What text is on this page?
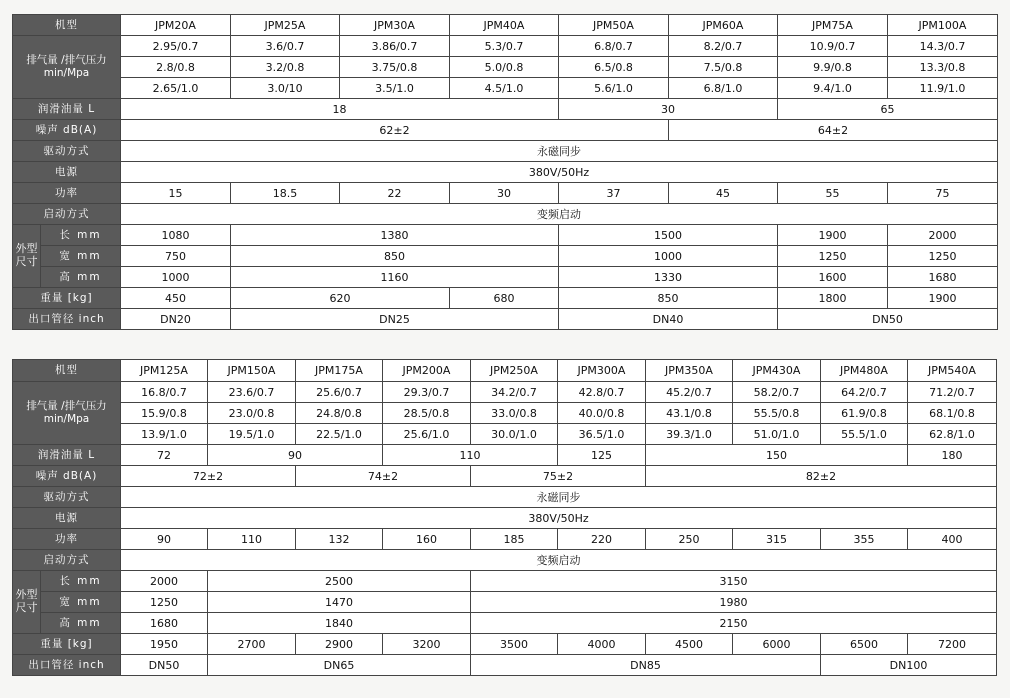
机型		JPM20A	JPM25A	JPM30A	JPM40A	JPM50A	JPM60A	JPM75A	JPM100A
排气量 /排气压力min/Mpa		2.95/0.7	3.6/0.7	3.86/0.7	5.3/0.7	6.8/0.7	8.2/0.7	10.9/0.7	14.3/0.7
		2.8/0.8	3.2/0.8	3.75/0.8	5.0/0.8	6.5/0.8	7.5/0.8	9.9/0.8	13.3/0.8
		2.65/1.0	3.0/10	3.5/1.0	4.5/1.0	5.6/1.0	6.8/1.0	9.4/1.0	11.9/1.0
润滑油量 L		18				30		65	
噪声 dB(A)		62±2					64±2		
驱动方式		永磁同步							
电源		380V/50Hz							
功率		15	18.5	22	30	37	45	55	75
启动方式		变频启动							
外型尺寸	长 mm	1080	1380			1500		1900	2000
	宽 mm	750	850			1000		1250	1250
	高 mm	1000	1160			1330		1600	1680
重量 [kg]		450	620		680	850		1800	1900
出口管径 inch		DN20	DN25			DN40		DN50	
机型		JPM125A	JPM150A	JPM175A	JPM200A	JPM250A	JPM300A	JPM350A	JPM430A	JPM480A	JPM540A
排气量 /排气压力min/Mpa		16.8/0.7	23.6/0.7	25.6/0.7	29.3/0.7	34.2/0.7	42.8/0.7	45.2/0.7	58.2/0.7	64.2/0.7	71.2/0.7
		15.9/0.8	23.0/0.8	24.8/0.8	28.5/0.8	33.0/0.8	40.0/0.8	43.1/0.8	55.5/0.8	61.9/0.8	68.1/0.8
		13.9/1.0	19.5/1.0	22.5/1.0	25.6/1.0	30.0/1.0	36.5/1.0	39.3/1.0	51.0/1.0	55.5/1.0	62.8/1.0
润滑油量 L		72	90		110		125	150			180
噪声 dB(A)		72±2		74±2		75±2		82±2			
驱动方式		永磁同步									
电源		380V/50Hz									
功率		90	110	132	160	185	220	250	315	355	400
启动方式		变频启动									
外型尺寸	长 mm	2000	2500			3150					
	宽 mm	1250	1470			1980					
	高 mm	1680	1840			2150					
重量 [kg]		1950	2700	2900	3200	3500	4000	4500	6000	6500	7200
出口管径 inch		DN50	DN65			DN85				DN100	
